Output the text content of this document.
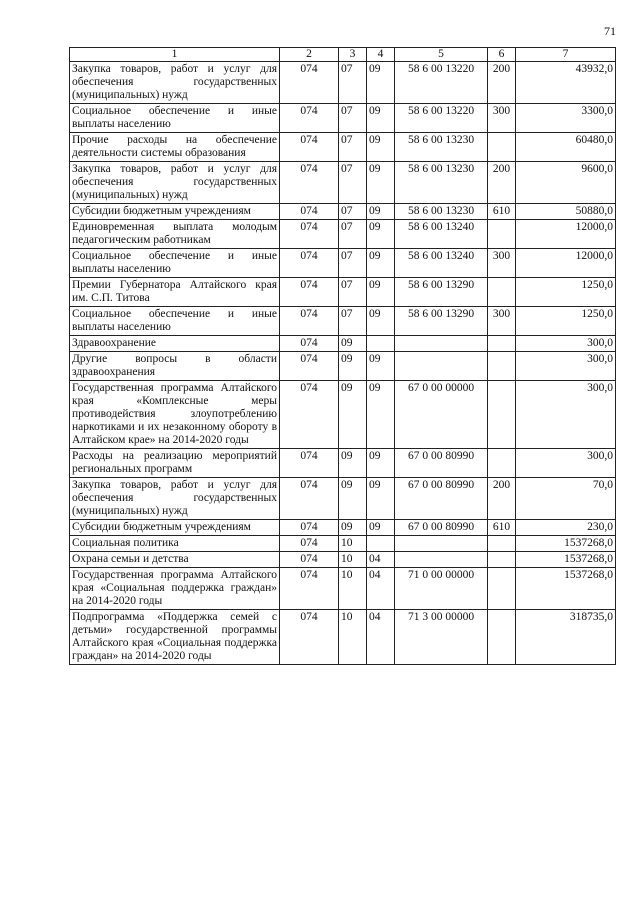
71
1	2	3	4	5	6	7
Закупка товаров, работ и услуг для обеспечения государственных (муниципальных) нужд	074	07	09	58 6 00 13220	200	43932,0
Социальное обеспечение и иные выплаты населению	074	07	09	58 6 00 13220	300	3300,0
Прочие расходы на обеспечение деятельности системы образования	074	07	09	58 6 00 13230		60480,0
Закупка товаров, работ и услуг для обеспечения государственных (муниципальных) нужд	074	07	09	58 6 00 13230	200	9600,0
Субсидии бюджетным учреждениям	074	07	09	58 6 00 13230	610	50880,0
Единовременная выплата молодым педагогическим работникам	074	07	09	58 6 00 13240		12000,0
Социальное обеспечение и иные выплаты населению	074	07	09	58 6 00 13240	300	12000,0
Премии Губернатора Алтайского края им. С.П. Титова	074	07	09	58 6 00 13290		1250,0
Социальное обеспечение и иные выплаты населению	074	07	09	58 6 00 13290	300	1250,0
Здравоохранение	074	09				300,0
Другие вопросы в области здравоохранения	074	09	09			300,0
Государственная программа Алтайского края «Комплексные меры противодействия злоупотреблению наркотиками и их незаконному обороту в Алтайском крае» на 2014-2020 годы	074	09	09	67 0 00 00000		300,0
Расходы на реализацию мероприятий региональных программ	074	09	09	67 0 00 80990		300,0
Закупка товаров, работ и услуг для обеспечения государственных (муниципальных) нужд	074	09	09	67 0 00 80990	200	70,0
Субсидии бюджетным учреждениям	074	09	09	67 0 00 80990	610	230,0
Социальная политика	074	10				1537268,0
Охрана семьи и детства	074	10	04			1537268,0
Государственная программа Алтайского края «Социальная поддержка граждан» на 2014-2020 годы	074	10	04	71 0 00 00000		1537268,0
Подпрограмма «Поддержка семей с детьми» государственной программы Алтайского края «Социальная поддержка граждан» на 2014-2020 годы	074	10	04	71 3 00 00000		318735,0
